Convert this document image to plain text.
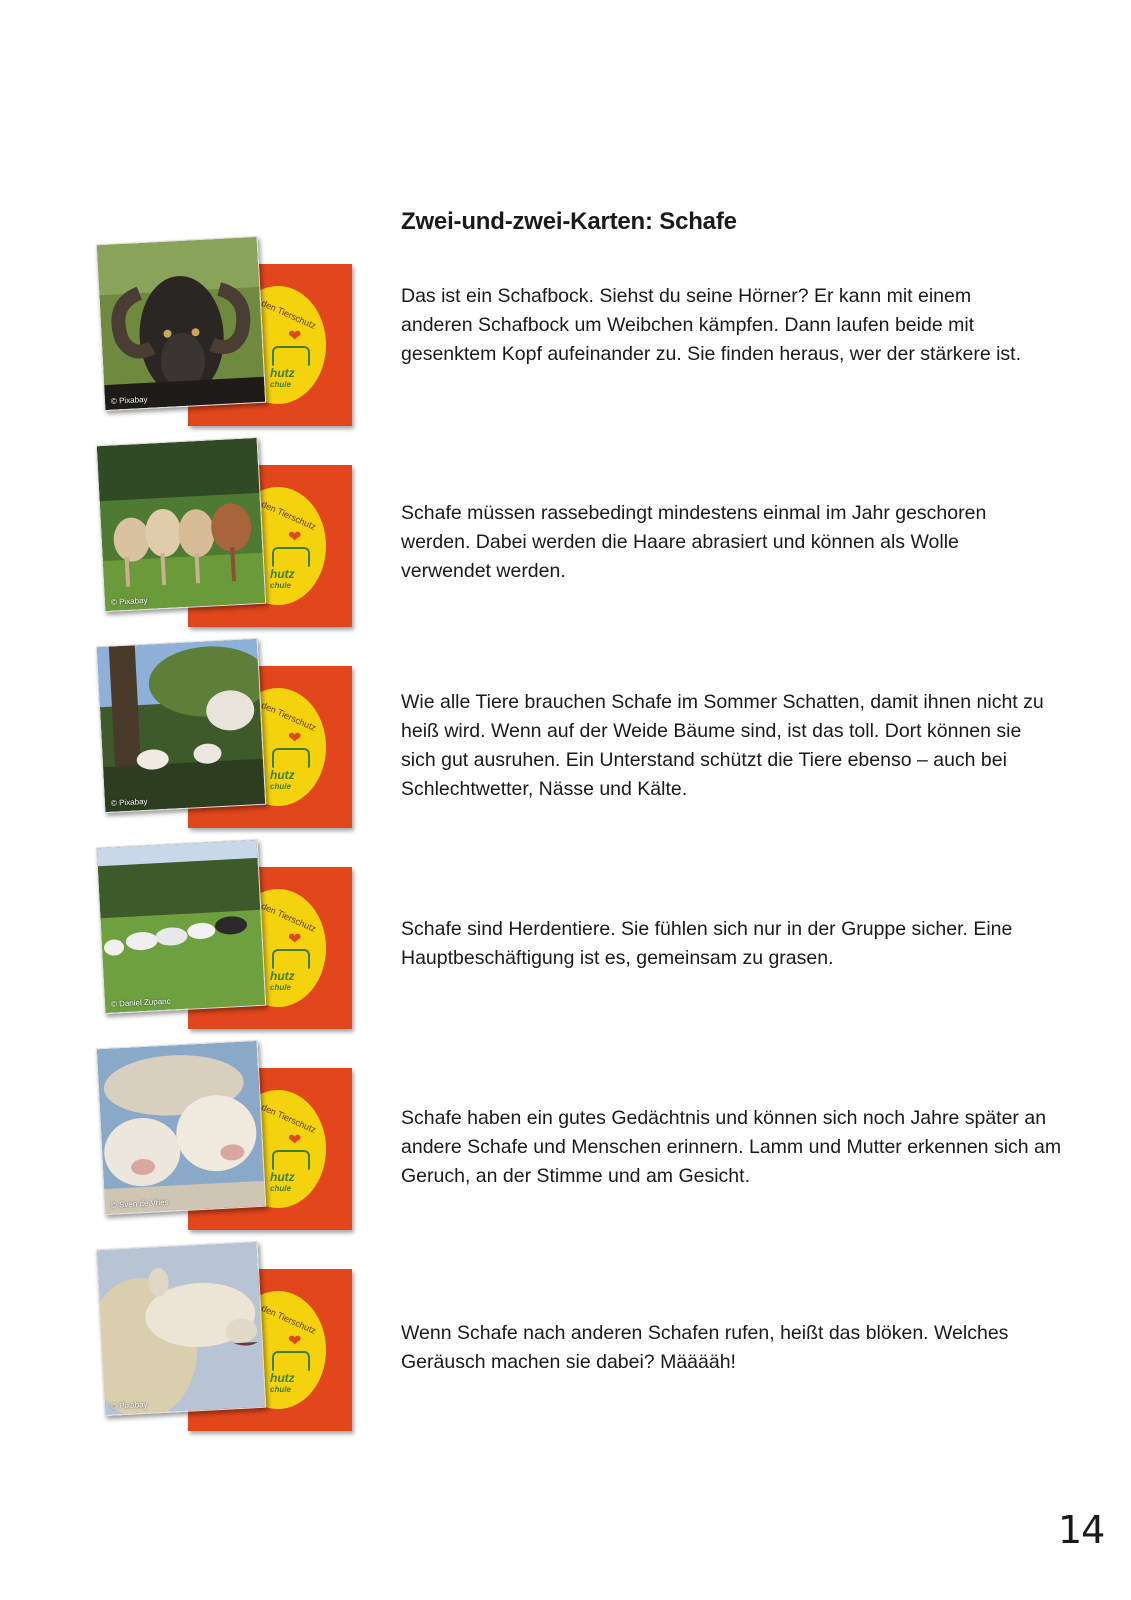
Zwei-und-zwei-Karten: Schafe
den Tierschutz
❤
hutz
chule
© Pixabay

Das ist ein Schafbock. Siehst du seine Hörner? Er kann mit einem anderen Schafbock um Weibchen kämpfen. Dann laufen beide mit gesenktem Kopf aufeinander zu. Sie finden heraus, wer der stärkere ist.

den Tierschutz
❤
hutz
chule
© Pixabay

Schafe müssen rassebedingt mindestens einmal im Jahr geschoren werden. Dabei werden die Haare abrasiert und können als Wolle verwendet werden.

den Tierschutz
❤
hutz
chule
© Pixabay

Wie alle Tiere brauchen Schafe im Sommer Schatten, damit ihnen nicht zu heiß wird. Wenn auf der Weide Bäume sind, ist das toll. Dort können sie sich gut ausruhen. Ein Unterstand schützt die Tiere ebenso – auch bei Schlechtwetter, Nässe und Kälte.

den Tierschutz
❤
hutz
chule
© Daniel Zupanc

Schafe sind Herdentiere. Sie fühlen sich nur in der Gruppe sicher. Eine Hauptbeschäftigung ist es, gemeinsam zu grasen.

den Tierschutz
❤
hutz
chule
© Sven de Vries

Schafe haben ein gutes Gedächtnis und können sich noch Jahre später an andere Schafe und Menschen erinnern. Lamm und Mutter erkennen sich am Geruch, an der Stimme und am Gesicht.

den Tierschutz
❤
hutz
chule
© Pixabay

Wenn Schafe nach anderen Schafen rufen, heißt das blöken. Welches Geräusch machen sie dabei? Määääh!

14
